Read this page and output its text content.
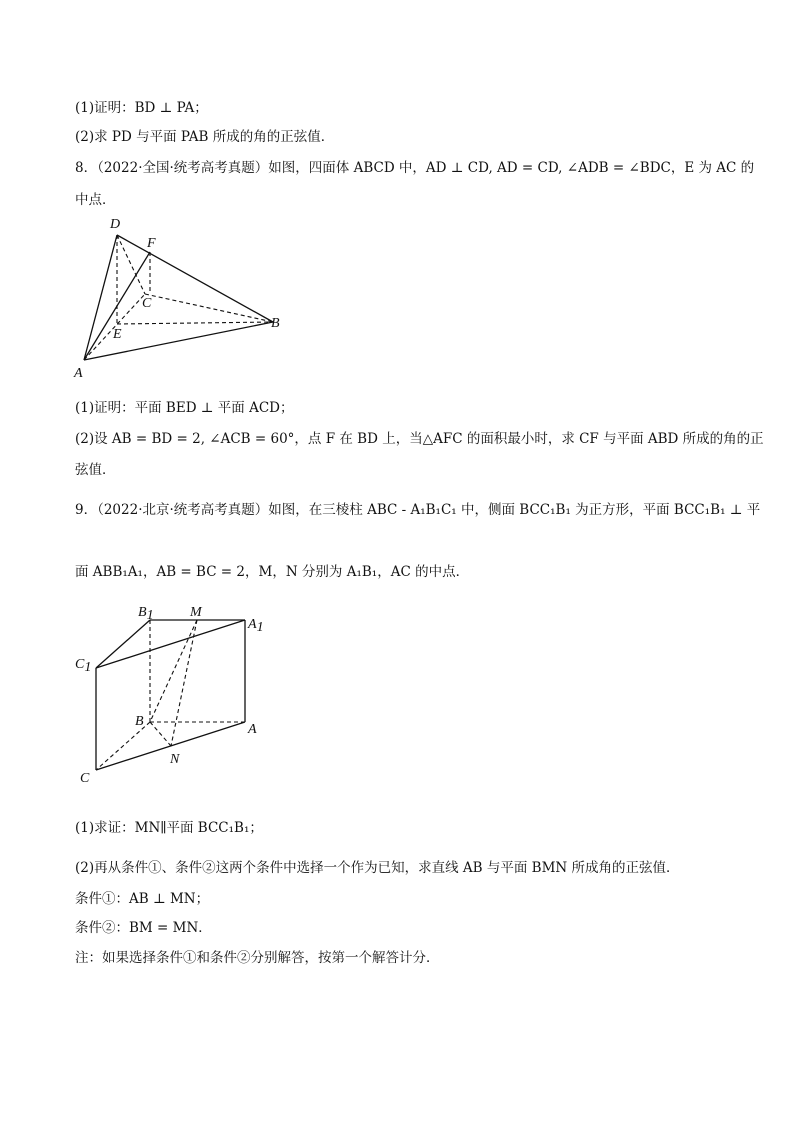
(1)证明：BD ⊥ PA；
(2)求 PD 与平面 PAB 所成的角的正弦值．
8．（2022·全国·统考高考真题）如图，四面体 ABCD 中，AD ⊥ CD, AD = CD, ∠ADB = ∠BDC，E 为 AC 的
中点．
D
F
C
E
A
B
(1)证明：平面 BED ⊥ 平面 ACD；
(2)设 AB = BD = 2, ∠ACB = 60°，点 F 在 BD 上，当△AFC 的面积最小时，求 CF 与平面 ABD 所成的角的正
弦值．
9．（2022·北京·统考高考真题）如图，在三棱柱 ABC - A₁B₁C₁ 中，侧面 BCC₁B₁ 为正方形，平面 BCC₁B₁ ⊥ 平
面 ABB₁A₁，AB = BC = 2，M，N 分别为 A₁B₁，AC 的中点．
B1	M
A1
C1
B
A
C
N
(1)求证：MN∥平面 BCC₁B₁；
(2)再从条件①、条件②这两个条件中选择一个作为已知，求直线 AB 与平面 BMN 所成角的正弦值．
条件①：AB ⊥ MN；
条件②：BM = MN．
注：如果选择条件①和条件②分别解答，按第一个解答计分．
